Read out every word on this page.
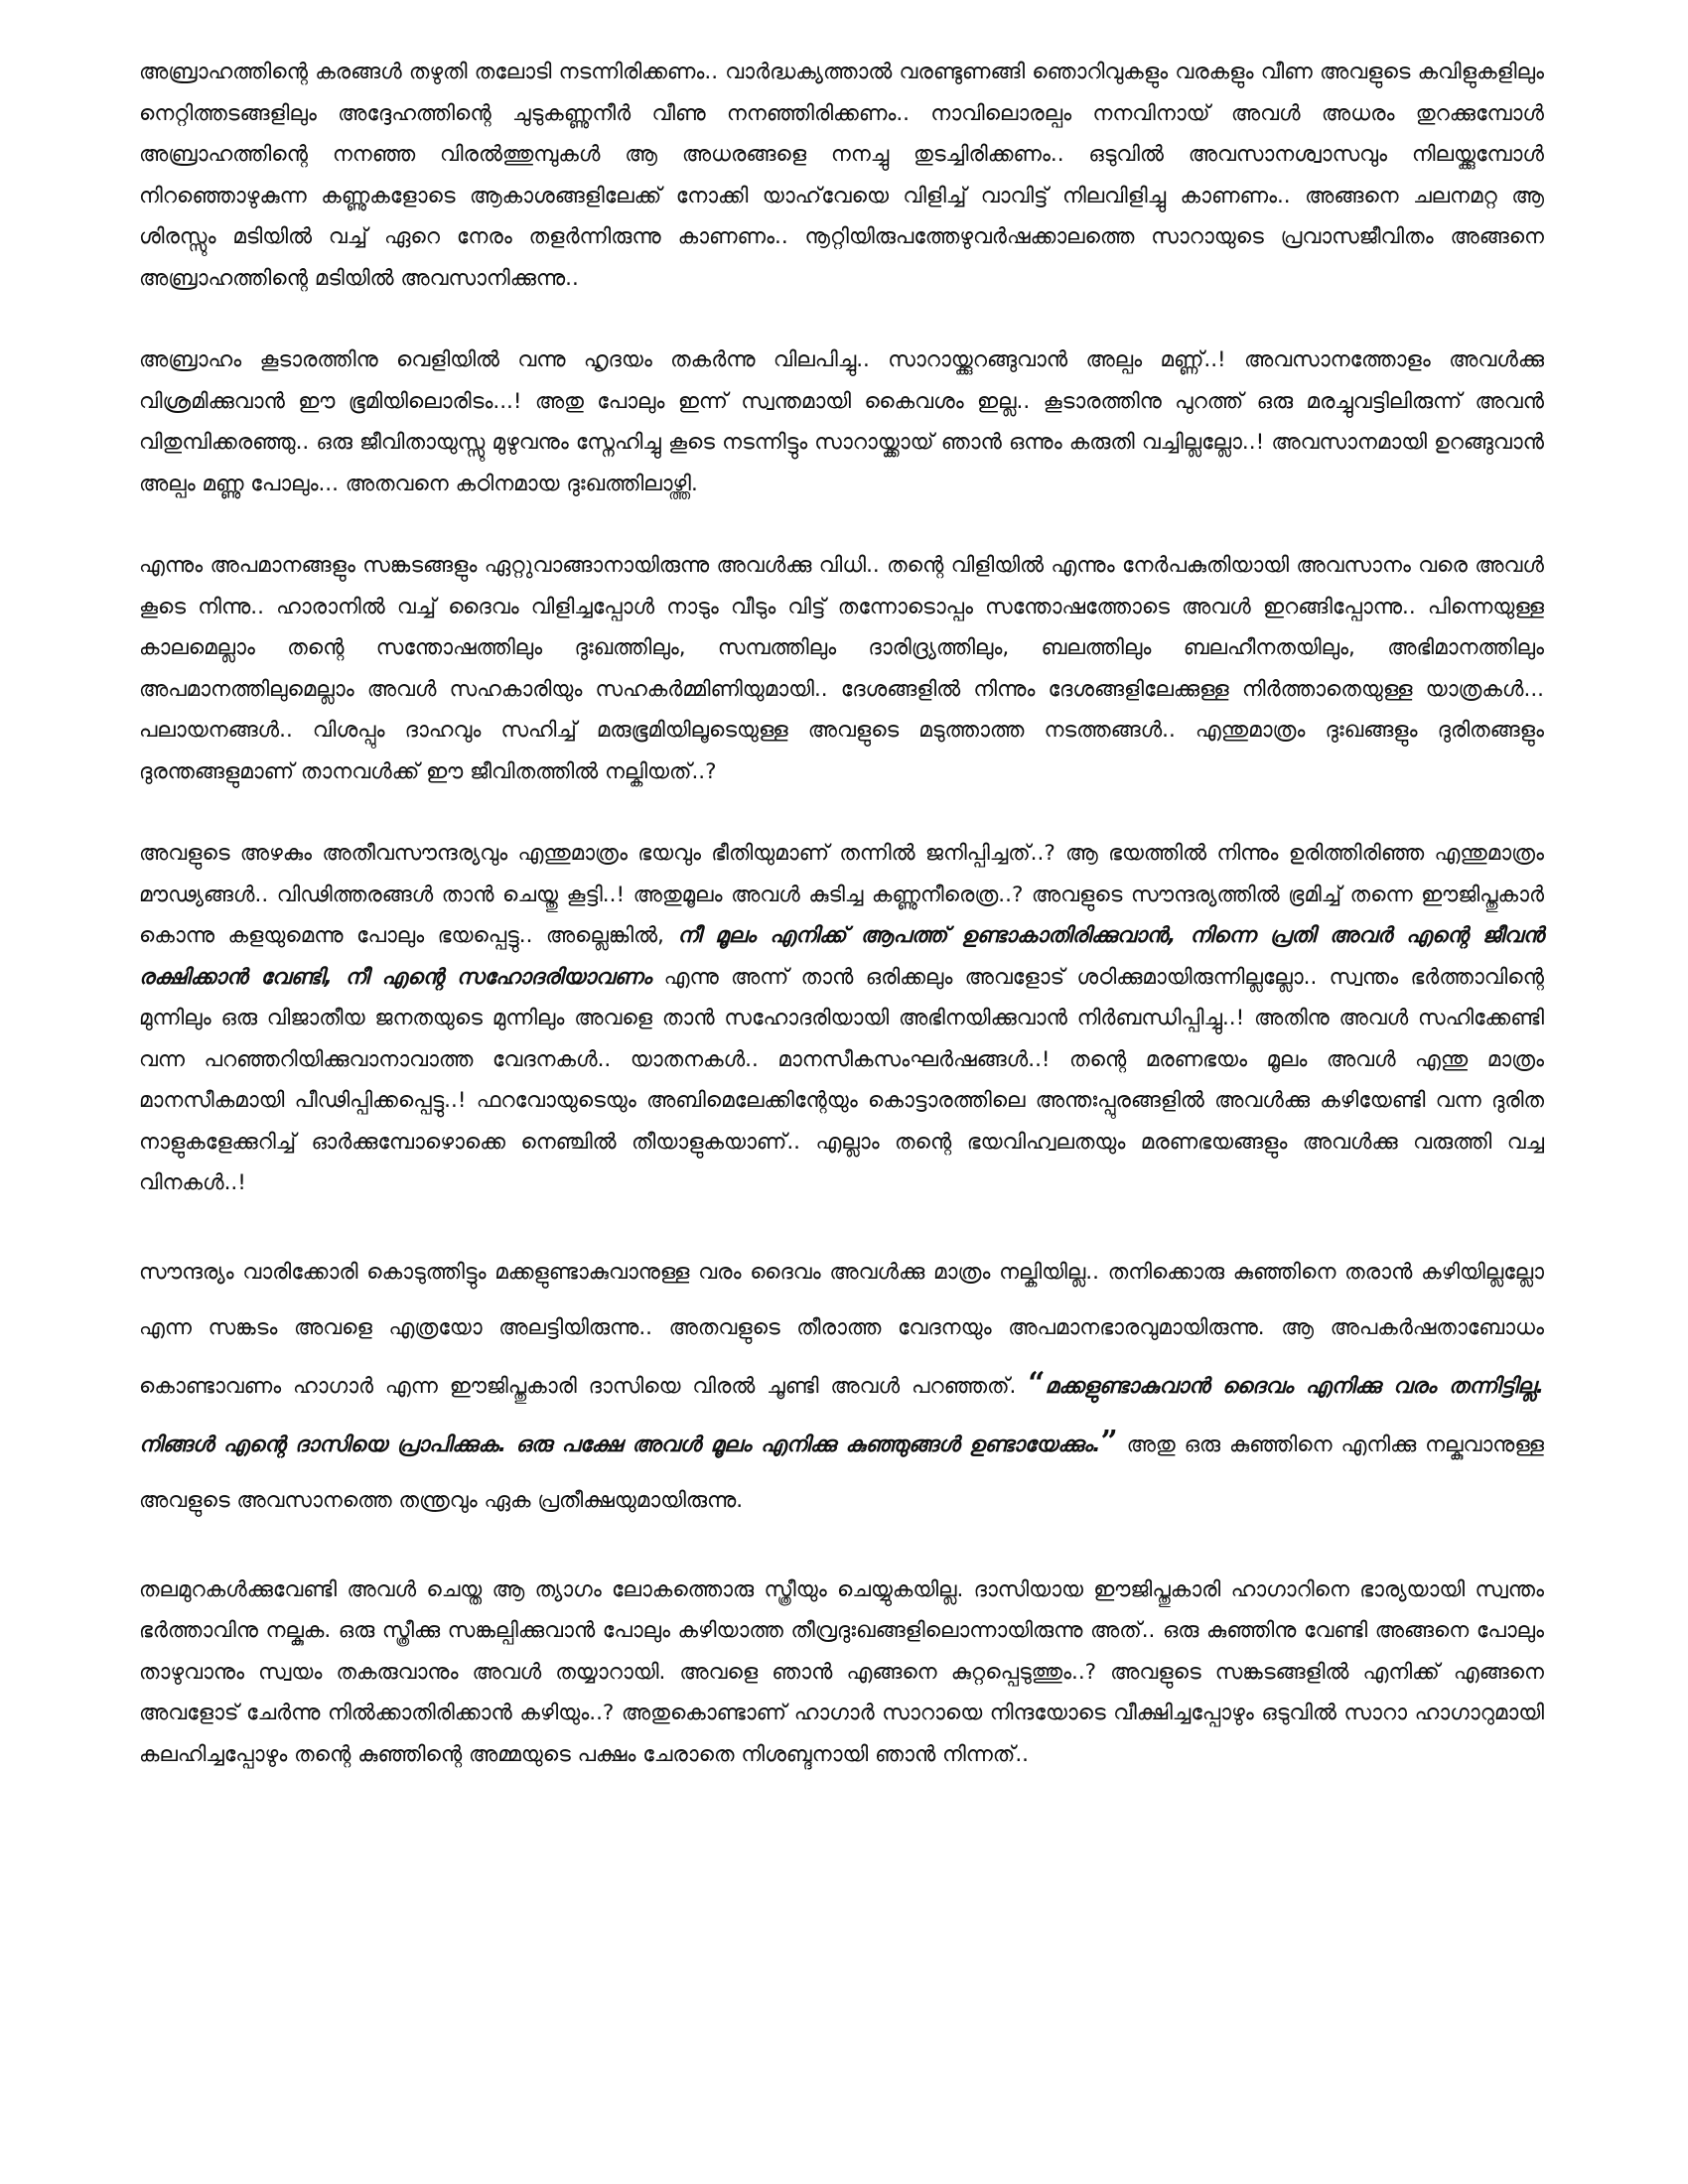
അബ്രാഹത്തിന്റെ കരങ്ങൾ തഴുതി തലോടി നടന്നിരിക്കണം.. വാർദ്ധക്യത്താൽ വരണ്ടുണങ്ങി ഞൊറിവുകളും വരകളും വീണ അവളുടെ കവിളുകളിലും നെറ്റിത്തടങ്ങളിലും അദ്ദേഹത്തിന്റെ ചുടുകണ്ണുനീർ വീണു നനഞ്ഞിരിക്കണം.. നാവിലൊരല്പം നനവിനായ് അവൾ അധരം തുറക്കുമ്പോൾ അബ്രാഹത്തിന്റെ നനഞ്ഞ വിരൽത്തുമ്പുകൾ ആ അധരങ്ങളെ നനച്ചു തുടച്ചിരിക്കണം.. ഒടുവിൽ അവസാനശ്വാസവും നിലയ്ക്കുമ്പോൾ നിറഞ്ഞൊഴുകുന്ന കണ്ണുകളോടെ ആകാശങ്ങളിലേക്ക് നോക്കി യാഹ്‌വേയെ വിളിച്ച് വാവിട്ട് നിലവിളിച്ചു കാണണം.. അങ്ങനെ ചലനമറ്റ ആ ശിരസ്സും മടിയിൽ വച്ച് ഏറെ നേരം തളർന്നിരുന്നു കാണണം.. നൂറ്റിയിരുപത്തേഴുവർഷക്കാലത്തെ സാറായുടെ പ്രവാസജീവിതം അങ്ങനെ അബ്രാഹത്തിന്റെ മടിയിൽ അവസാനിക്കുന്നു..

അബ്രാഹം കൂടാരത്തിനു വെളിയിൽ വന്നു ഹൃദയം തകർന്നു വിലപിച്ചു.. സാറായ്ക്കുറങ്ങുവാൻ അല്പം മണ്ണ്..! അവസാനത്തോളം അവൾക്കു വിശ്രമിക്കുവാൻ ഈ ഭൂമിയിലൊരിടം...! അതു പോലും ഇന്ന് സ്വന്തമായി കൈവശം ഇല്ല.. കൂടാരത്തിനു പുറത്ത് ഒരു മരച്ചുവട്ടിലിരുന്ന് അവൻ വിതുമ്പിക്കരഞ്ഞു.. ഒരു ജീവിതായുസ്സു മുഴുവനും സ്നേഹിച്ചു കൂടെ നടന്നിട്ടും സാറായ്ക്കായ് ഞാൻ ഒന്നും കരുതി വച്ചില്ലല്ലോ..! അവസാനമായി ഉറങ്ങുവാൻ അല്പം മണ്ണു പോലും... അതവനെ കഠിനമായ ദുഃഖത്തിലാഴ്ത്തി.

എന്നും അപമാനങ്ങളും സങ്കടങ്ങളും ഏറ്റുവാങ്ങാനായിരുന്നു അവൾക്കു വിധി.. തന്റെ വിളിയിൽ എന്നും നേർപകുതിയായി അവസാനം വരെ അവൾ കൂടെ നിന്നു.. ഹാരാനിൽ വച്ച് ദൈവം വിളിച്ചപ്പോൾ നാടും വീടും വിട്ട് തന്നോടൊപ്പം സന്തോഷത്തോടെ അവൾ ഇറങ്ങിപ്പോന്നു.. പിന്നെയുള്ള കാലമെല്ലാം തന്റെ സന്തോഷത്തിലും ദുഃഖത്തിലും, സമ്പത്തിലും ദാരിദ്ര്യത്തിലും, ബലത്തിലും ബലഹീനതയിലും, അഭിമാനത്തിലും അപമാനത്തിലുമെല്ലാം അവൾ സഹകാരിയും സഹകർമ്മിണിയുമായി.. ദേശങ്ങളിൽ നിന്നും ദേശങ്ങളിലേക്കുള്ള നിർത്താതെയുള്ള യാത്രകൾ... പലായനങ്ങൾ.. വിശപ്പും ദാഹവും സഹിച്ച് മരുഭൂമിയിലൂടെയുള്ള അവളുടെ മടുത്താത്ത നടത്തങ്ങൾ.. എന്തുമാത്രം ദുഃഖങ്ങളും ദുരിതങ്ങളും ദുരന്തങ്ങളുമാണ് താനവൾക്ക് ഈ ജീവിതത്തിൽ നല്കിയത്..?

അവളുടെ അഴകും അതീവസൗന്ദര്യവും എന്തുമാത്രം ഭയവും ഭീതിയുമാണ് തന്നിൽ ജനിപ്പിച്ചത്..? ആ ഭയത്തിൽ നിന്നും ഉരിത്തിരിഞ്ഞ എന്തുമാത്രം മൗഢ്യങ്ങൾ.. വിഢിത്തരങ്ങൾ താൻ ചെയ്തു കൂട്ടി..! അതുമൂലം അവൾ കുടിച്ച കണ്ണുനീരെത്ര..? അവളുടെ സൗന്ദര്യത്തിൽ ഭ്രമിച്ച് തന്നെ ഈജിപ്തുകാർ കൊന്നു കളയുമെന്നു പോലും ഭയപ്പെട്ടു.. അല്ലെങ്കിൽ, നീ മൂലം എനിക്ക് ആപത്ത് ഉണ്ടാകാതിരിക്കുവാൻ, നിന്നെ പ്രതി അവർ എന്റെ ജീവൻ രക്ഷിക്കാൻ വേണ്ടി, നീ എന്റെ സഹോദരിയാവണം എന്നു അന്ന് താൻ ഒരിക്കലും അവളോട് ശഠിക്കുമായിരുന്നില്ലല്ലോ.. സ്വന്തം ഭർത്താവിന്റെ മുന്നിലും ഒരു വിജാതീയ ജനതയുടെ മുന്നിലും അവളെ താൻ സഹോദരിയായി അഭിനയിക്കുവാൻ നിർബന്ധിപ്പിച്ചു..! അതിനു അവൾ സഹിക്കേണ്ടി വന്ന പറഞ്ഞറിയിക്കുവാനാവാത്ത വേദനകൾ.. യാതനകൾ.. മാനസീകസംഘർഷങ്ങൾ..! തന്റെ മരണഭയം മൂലം അവൾ എന്തു മാത്രം മാനസീകമായി പീഢിപ്പിക്കപ്പെട്ടു..! ഫറവോയുടെയും അബിമെലേക്കിന്റേയും കൊട്ടാരത്തിലെ അന്തഃപ്പുരങ്ങളിൽ അവൾക്കു കഴിയേണ്ടി വന്ന ദുരിത നാളുകളേക്കുറിച്ച് ഓർക്കുമ്പോഴൊക്കെ നെഞ്ചിൽ തീയാളുകയാണ്.. എല്ലാം തന്റെ ഭയവിഹ്വലതയും മരണഭയങ്ങളും അവൾക്കു വരുത്തി വച്ച വിനകൾ..!

സൗന്ദര്യം വാരിക്കോരി കൊടുത്തിട്ടും മക്കളുണ്ടാകുവാനുള്ള വരം ദൈവം അവൾക്കു മാത്രം നല്കിയില്ല.. തനിക്കൊരു കുഞ്ഞിനെ തരാൻ കഴിയില്ലല്ലോ എന്ന സങ്കടം അവളെ എത്രയോ അലട്ടിയിരുന്നു.. അതവളുടെ തീരാത്ത വേദനയും അപമാനഭാരവുമായിരുന്നു. ആ അപകർഷതാബോധം കൊണ്ടാവണം ഹാഗാർ എന്ന ഈജിപ്തുകാരി ദാസിയെ വിരൽ ചൂണ്ടി അവൾ പറഞ്ഞത്. “മക്കളുണ്ടാകുവാൻ ദൈവം എനിക്കു വരം തന്നിട്ടില്ല. നിങ്ങൾ എന്റെ ദാസിയെ പ്രാപിക്കുക. ഒരു പക്ഷേ അവൾ മൂലം എനിക്കു കുഞ്ഞുങ്ങൾ ഉണ്ടായേക്കും.” അതു ഒരു കുഞ്ഞിനെ എനിക്കു നല്കുവാനുള്ള അവളുടെ അവസാനത്തെ തന്ത്രവും ഏക പ്രതീക്ഷയുമായിരുന്നു.

തലമുറകൾക്കുവേണ്ടി അവൾ ചെയ്ത ആ ത്യാഗം ലോകത്തൊരു സ്ത്രീയും ചെയ്യുകയില്ല. ദാസിയായ ഈജിപ്തുകാരി ഹാഗാറിനെ ഭാര്യയായി സ്വന്തം ഭർത്താവിനു നല്കുക. ഒരു സ്ത്രീക്കു സങ്കല്പിക്കുവാൻ പോലും കഴിയാത്ത തീവ്രദുഃഖങ്ങളിലൊന്നായിരുന്നു അത്.. ഒരു കുഞ്ഞിനു വേണ്ടി അങ്ങനെ പോലും താഴുവാനും സ്വയം തകരുവാനും അവൾ തയ്യാറായി. അവളെ ഞാൻ എങ്ങനെ കുറ്റപ്പെടുത്തും..? അവളുടെ സങ്കടങ്ങളിൽ എനിക്ക് എങ്ങനെ അവളോട് ചേർന്നു നിൽക്കാതിരിക്കാൻ കഴിയും..? അതുകൊണ്ടാണ് ഹാഗാർ സാറായെ നിന്ദയോടെ വീക്ഷിച്ചപ്പോഴും ഒടുവിൽ സാറാ ഹാഗാറുമായി കലഹിച്ചപ്പോഴും തന്റെ കുഞ്ഞിന്റെ അമ്മയുടെ പക്ഷം ചേരാതെ നിശബ്ദനായി ഞാൻ നിന്നത്..
